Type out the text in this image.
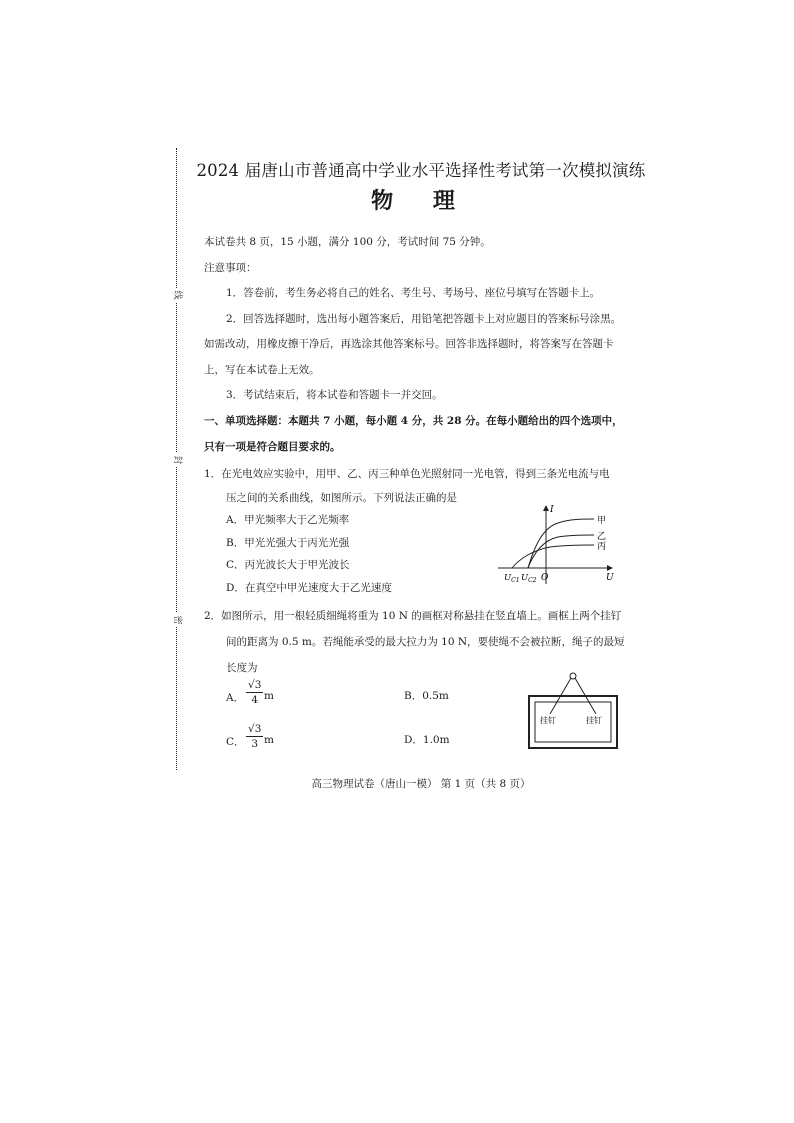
线
封
密
2024 届唐山市普通高中学业水平选择性考试第一次模拟演练
物 理
本试卷共 8 页，15 小题，满分 100 分，考试时间 75 分钟。
注意事项：
1．答卷前，考生务必将自己的姓名、考生号、考场号、座位号填写在答题卡上。
2．回答选择题时，选出每小题答案后，用铅笔把答题卡上对应题目的答案标号涂黑。
如需改动，用橡皮擦干净后，再选涂其他答案标号。回答非选择题时，将答案写在答题卡
上，写在本试卷上无效。
3．考试结束后，将本试卷和答题卡一并交回。
一、单项选择题：本题共 7 小题，每小题 4 分，共 28 分。在每小题给出的四个选项中，
只有一项是符合题目要求的。
1．在光电效应实验中，用甲、乙、丙三种单色光照射同一光电管，得到三条光电流与电
压之间的关系曲线，如图所示。下列说法正确的是
A．甲光频率大于乙光频率
B．甲光光强大于丙光光强
C．丙光波长大于甲光波长
D．在真空中甲光速度大于乙光速度
I
U
O
$U_{C1}$ $U_{C2}$
甲
乙
丙
2．如图所示，用一根轻质细绳将重为 10 N 的画框对称悬挂在竖直墙上。画框上两个挂钉
间的距离为 0.5 m。若绳能承受的最大拉力为 10 N，要使绳不会被拉断，绳子的最短
长度为
A． $\frac{√3}{4}$ m	B．0.5m
C． $\frac{√3}{3}$ m	D．1.0m
挂钉	挂钉
高三物理试卷（唐山一模） 第 1 页（共 8 页）
